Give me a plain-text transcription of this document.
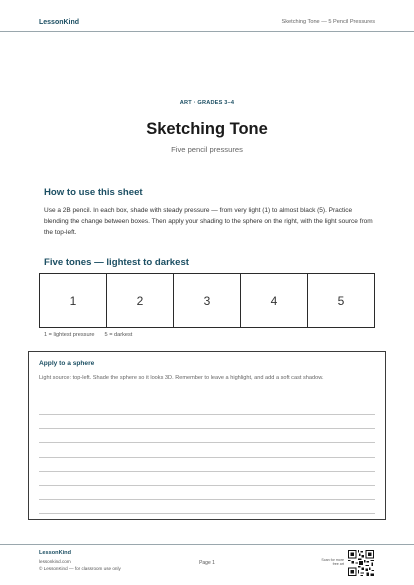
LessonKind	Sketching Tone — 5 Pencil Pressures
ART · GRADES 3–4
Sketching Tone
Five pencil pressures
How to use this sheet

Use a 2B pencil. In each box, shade with steady pressure — from very light (1) to almost black (5). Practice blending the change between boxes. Then apply your shading to the sphere on the right, with the light source from the top-left.

Five tones — lightest to darkest
1	2	3	4	5
1 = lightest pressure 5 = darkest
Apply to a sphere

Light source: top-left. Shade the sphere so it looks 3D. Remember to leave a highlight, and add a soft cast shadow.

LessonKind
lessonkind.com
© LessonKind — for classroom use only
Page 1	Scan for more free art
